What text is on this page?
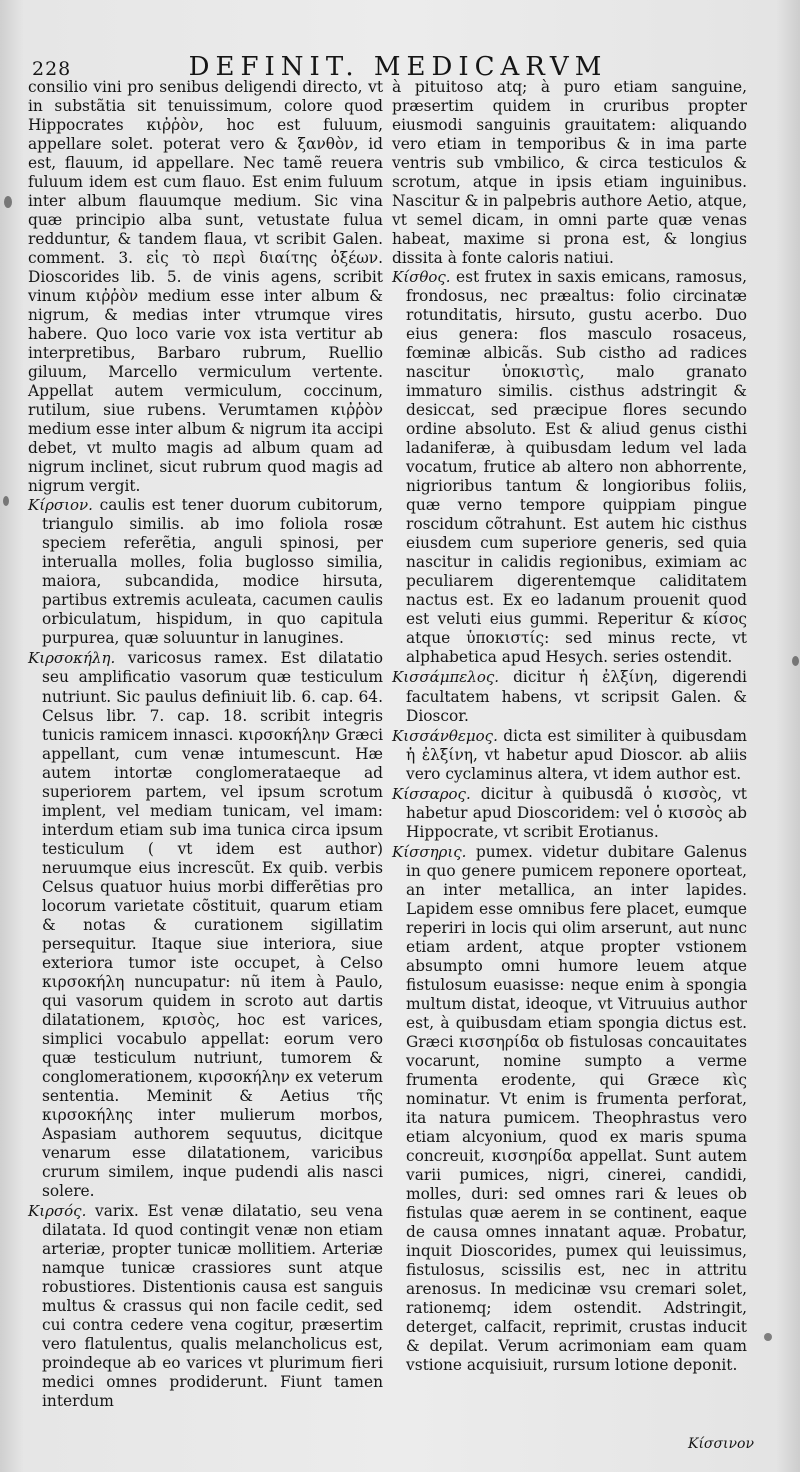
228	DEFINIT. MEDICARVM

consilio vini pro senibus deligendi directo, vt in substãtia sit tenuissimum, colore quod Hippocrates κιῤῥὸν, hoc est fuluum, appellare solet. poterat vero & ξανθὸν, id est, flauum, id appellare. Nec tamẽ reuera fuluum idem est cum flauo. Est enim fuluum inter album flauumque medium. Sic vina quæ principio alba sunt, vetustate fulua redduntur, & tandem flaua, vt scribit Galen. comment. 3. εἰς τὸ περὶ διαίτης ὀξέων. Dioscorides lib. 5. de vinis agens, scribit vinum κιῤῥὸν medium esse inter album & nigrum, & medias inter vtrumque vires habere. Quo loco varie vox ista vertitur ab interpretibus, Barbaro rubrum, Ruellio giluum, Marcello vermiculum vertente. Appellat autem vermiculum, coccinum, rutilum, siue rubens. Verumtamen κιῤῥὸν medium esse inter album & nigrum ita accipi debet, vt multo magis ad album quam ad nigrum inclinet, sicut rubrum quod magis ad nigrum vergit.

Κίρσιον. caulis est tener duorum cubitorum, triangulo similis. ab imo foliola rosæ speciem referẽtia, anguli spinosi, per interualla molles, folia buglosso similia, maiora, subcandida, modice hirsuta, partibus extremis aculeata, cacumen caulis orbiculatum, hispidum, in quo capitula purpurea, quæ soluuntur in lanugines.

Κιρσοκήλη. varicosus ramex. Est dilatatio seu amplificatio vasorum quæ testiculum nutriunt. Sic paulus definiuit lib. 6. cap. 64. Celsus libr. 7. cap. 18. scribit integris tunicis ramicem innasci. κιρσοκήλην Græci appellant, cum venæ intumescunt. Hæ autem intortæ conglomerataeque ad superiorem partem, vel ipsum scrotum implent, vel mediam tunicam, vel imam: interdum etiam sub ima tunica circa ipsum testiculum ( vt idem est author) neruumque eius increscũt. Ex quib. verbis Celsus quatuor huius morbi differẽtias pro locorum varietate cõstituit, quarum etiam & notas & curationem sigillatim persequitur. Itaque siue interiora, siue exteriora tumor iste occupet, à Celso κιρσοκήλη nuncupatur: nũ item à Paulo, qui vasorum quidem in scroto aut dartis dilatationem, κρισὸς, hoc est varices, simplici vocabulo appellat: eorum vero quæ testiculum nutriunt, tumorem & conglomerationem, κιρσοκήλην ex veterum sententia. Meminit & Aetius τῆς κιρσοκήλης inter mulierum morbos, Aspasiam authorem sequutus, dicitque venarum esse dilatationem, varicibus crurum similem, inque pudendi alis nasci solere.

Κιρσός. varix. Est venæ dilatatio, seu vena dilatata. Id quod contingit venæ non etiam arteriæ, propter tunicæ mollitiem. Arteriæ namque tunicæ crassiores sunt atque robustiores. Distentionis causa est sanguis multus & crassus qui non facile cedit, sed cui contra cedere vena cogitur, præsertim vero flatulentus, qualis melancholicus est, proindeque ab eo varices vt plurimum fieri medici omnes prodiderunt. Fiunt tamen interdum

à pituitoso atq; à puro etiam sanguine, præsertim quidem in cruribus propter eiusmodi sanguinis grauitatem: aliquando vero etiam in temporibus & in ima parte ventris sub vmbilico, & circa testiculos & scrotum, atque in ipsis etiam inguinibus. Nascitur & in palpebris authore Aetio, atque, vt semel dicam, in omni parte quæ venas habeat, maxime si prona est, & longius dissita à fonte caloris natiui.

Κίσθος. est frutex in saxis emicans, ramosus, frondosus, nec præaltus: folio circinatæ rotunditatis, hirsuto, gustu acerbo. Duo eius genera: flos masculo rosaceus, fœminæ albicãs. Sub cistho ad radices nascitur ὑποκιστὶς, malo granato immaturo similis. cisthus adstringit & desiccat, sed præcipue flores secundo ordine absoluto. Est & aliud genus cisthi ladaniferæ, à quibusdam ledum vel lada vocatum, frutice ab altero non abhorrente, nigrioribus tantum & longioribus foliis, quæ verno tempore quippiam pingue roscidum cõtrahunt. Est autem hic cisthus eiusdem cum superiore generis, sed quia nascitur in calidis regionibus, eximiam ac peculiarem digerentemque caliditatem nactus est. Ex eo ladanum prouenit quod est veluti eius gummi. Reperitur & κίσος atque ὑποκιστίς: sed minus recte, vt alphabetica apud Hesych. series ostendit.

Κισσάμπελος. dicitur ἡ ἐλξίνη, digerendi facultatem habens, vt scripsit Galen. & Dioscor.

Κισσάνθεμος. dicta est similiter à quibusdam ἡ ἐλξίνη, vt habetur apud Dioscor. ab aliis vero cyclaminus altera, vt idem author est.

Κίσσαρος. dicitur à quibusdã ὁ κισσὸς, vt habetur apud Dioscoridem: vel ὁ κισσὸς ab Hippocrate, vt scribit Erotianus.

Κίσσηρις. pumex. videtur dubitare Galenus in quo genere pumicem reponere oporteat, an inter metallica, an inter lapides. Lapidem esse omnibus fere placet, eumque reperiri in locis qui olim arserunt, aut nunc etiam ardent, atque propter vstionem absumpto omni humore leuem atque fistulosum euasisse: neque enim à spongia multum distat, ideoque, vt Vitruuius author est, à quibusdam etiam spongia dictus est. Græci κισσηρίδα ob fistulosas concauitates vocarunt, nomine sumpto a verme frumenta erodente, qui Græce κὶς nominatur. Vt enim is frumenta perforat, ita natura pumicem. Theophrastus vero etiam alcyonium, quod ex maris spuma concreuit, κισσηρίδα appellat. Sunt autem varii pumices, nigri, cinerei, candidi, molles, duri: sed omnes rari & leues ob fistulas quæ aerem in se continent, eaque de causa omnes innatant aquæ. Probatur, inquit Dioscorides, pumex qui leuissimus, fistulosus, scissilis est, nec in attritu arenosus. In medicinæ vsu cremari solet, rationemq; idem ostendit. Adstringit, deterget, calfacit, reprimit, crustas inducit & depilat. Verum acrimoniam eam quam vstione acquisiuit, rursum lotione deponit.

Κίσσινον
